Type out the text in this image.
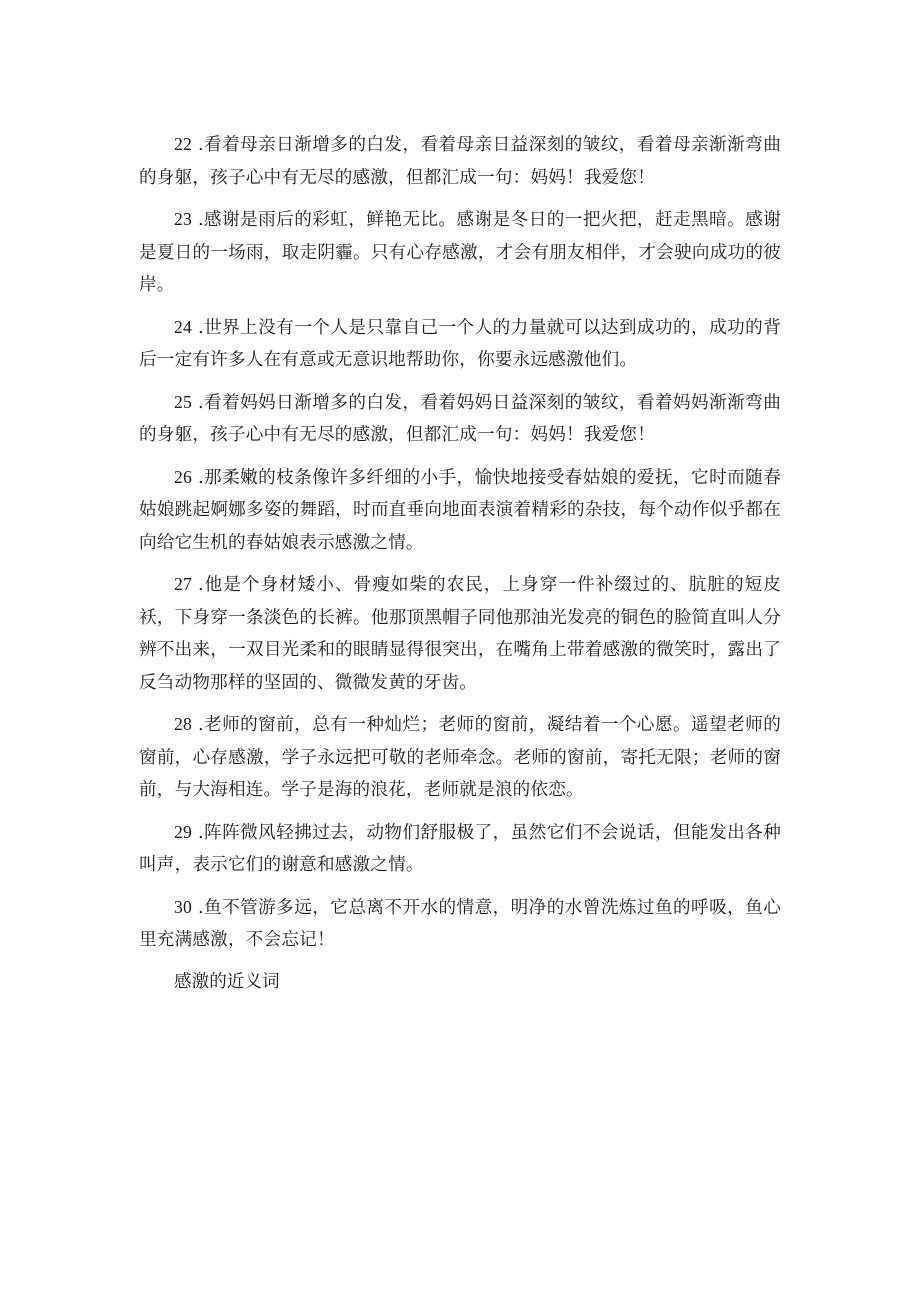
22 .看着母亲日渐增多的白发，看着母亲日益深刻的皱纹，看着母亲渐渐弯曲的身躯，孩子心中有无尽的感激，但都汇成一句：妈妈！我爱您！

23 .感谢是雨后的彩虹，鲜艳无比。感谢是冬日的一把火把，赶走黑暗。感谢是夏日的一场雨，取走阴霾。只有心存感激，才会有朋友相伴，才会驶向成功的彼岸。

24 .世界上没有一个人是只靠自己一个人的力量就可以达到成功的，成功的背后一定有许多人在有意或无意识地帮助你，你要永远感激他们。

25 .看着妈妈日渐增多的白发，看着妈妈日益深刻的皱纹，看着妈妈渐渐弯曲的身躯，孩子心中有无尽的感激，但都汇成一句：妈妈！我爱您！

26 .那柔嫩的枝条像许多纤细的小手，愉快地接受春姑娘的爱抚，它时而随春姑娘跳起婀娜多姿的舞蹈，时而直垂向地面表演着精彩的杂技，每个动作似乎都在向给它生机的春姑娘表示感激之情。

27 .他是个身材矮小、骨瘦如柴的农民，上身穿一件补缀过的、肮脏的短皮袄，下身穿一条淡色的长裤。他那顶黑帽子同他那油光发亮的铜色的脸简直叫人分辨不出来，一双目光柔和的眼睛显得很突出，在嘴角上带着感激的微笑时，露出了反刍动物那样的坚固的、微微发黄的牙齿。

28 .老师的窗前，总有一种灿烂；老师的窗前，凝结着一个心愿。遥望老师的窗前，心存感激，学子永远把可敬的老师牵念。老师的窗前，寄托无限；老师的窗前，与大海相连。学子是海的浪花，老师就是浪的依恋。

29 .阵阵微风轻拂过去，动物们舒服极了，虽然它们不会说话，但能发出各种叫声，表示它们的谢意和感激之情。

30 .鱼不管游多远，它总离不开水的情意，明净的水曾洗炼过鱼的呼吸，鱼心里充满感激，不会忘记！

感激的近义词
